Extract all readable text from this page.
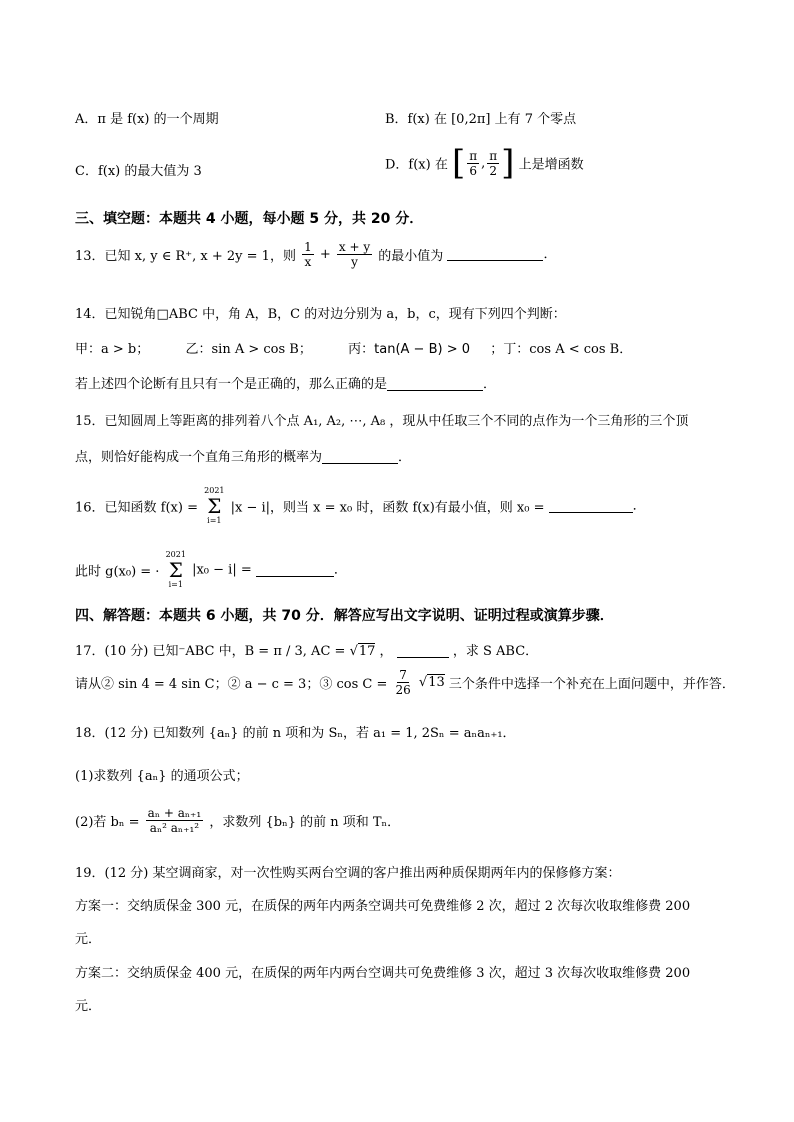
A．π 是 f(x) 的一个周期	B．f(x) 在 [0,2π] 上有 7 个零点
C．f(x) 的最大值为 3	D．f(x) 在 [ $\frac{\pi}{6}$ , $\frac{\pi}{2}$ ] 上是增函数
三、填空题：本题共 4 小题，每小题 5 分，共 20 分．
13．已知 x, y ∈ R⁺, x + 2y = 1，则 $\frac{1}{x} + \frac{x + y}{y}$ 的最小值为	．
14．已知锐角□ABC 中，角 A，B，C 的对边分别为 a，b，c，现有下列四个判断：
甲：a > b；	乙：sin A > cos B；	丙：tan(A − B) > 0 ；丁：cos A < cos B．
若上述四个论断有且只有一个是正确的，那么正确的是	．
15．已知圆周上等距离的排列着八个点 A₁, A₂, ⋯, A₈ ，现从中任取三个不同的点作为一个三角形的三个顶
点，则恰好能构成一个直角三角形的概率为	．
16．已知函数 f(x) =
2021
Σ
i=1
|x − i|，则当 x = x₀ 时，函数 f(x)有最小值，则 x₀ =	．
此时 g(x₀) = ·
2021
Σ
i=1
|x₀ − i| =	．
四、解答题：本题共 6 小题，共 70 分．解答应写出文字说明、证明过程或演算步骤．
17．(10 分) 已知⁻ABC 中，B = π / 3, AC = √17 ，	，求 S ABC．
请从② sin 4 = 4 sin C；② a − c = 3；③ $\cos C = \frac{7}{26} √13$ 三个条件中选择一个补充在上面问题中，并作答．
18．(12 分) 已知数列 {aₙ} 的前 n 项和为 Sₙ，若 a₁ = 1, 2Sₙ = aₙaₙ₊₁．
(1)求数列 {aₙ} 的通项公式；
(2)若 $b_n = \frac{\text{aₙ + aₙ₊₁}}{\text{aₙ² aₙ₊₁²}}$ ，求数列 {bₙ} 的前 n 项和 Tₙ．
19．(12 分) 某空调商家，对一次性购买两台空调的客户推出两种质保期两年内的保修修方案：
方案一：交纳质保金 300 元，在质保的两年内两条空调共可免费维修 2 次，超过 2 次每次收取维修费 200
元．
方案二：交纳质保金 400 元，在质保的两年内两台空调共可免费维修 3 次，超过 3 次每次收取维修费 200
元．
